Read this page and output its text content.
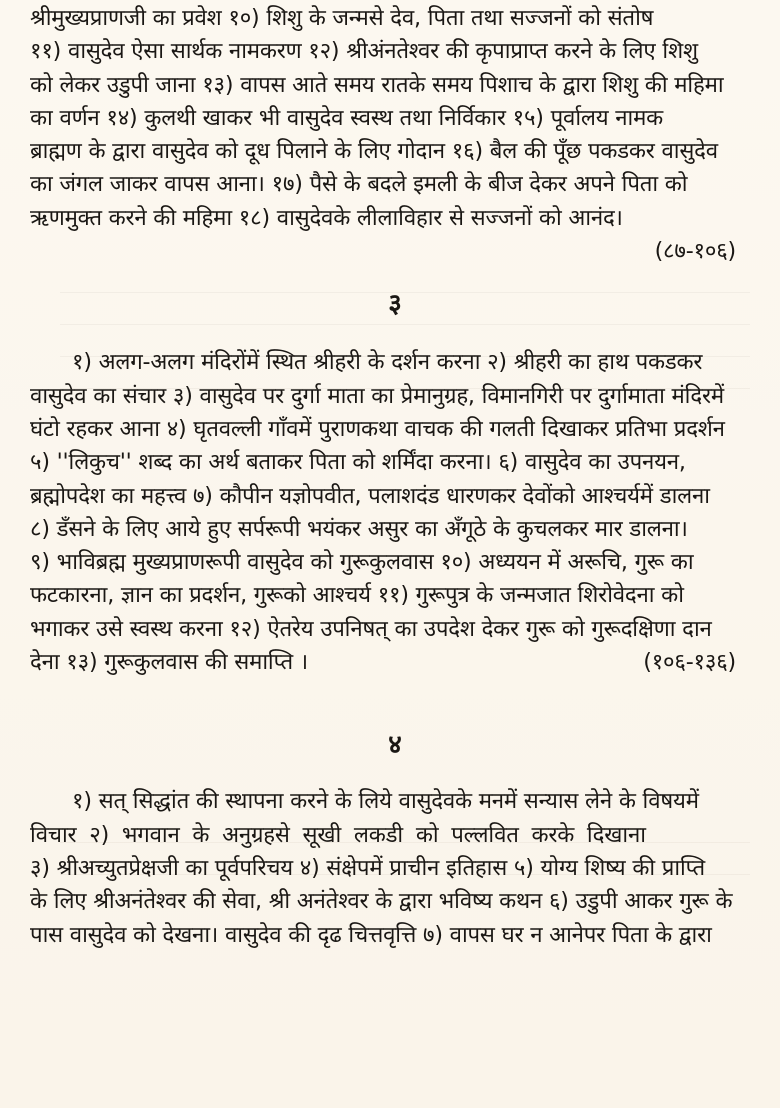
श्रीमुख्यप्राणजी का प्रवेश १०) शिशु के जन्मसे देव, पिता तथा सज्जनों को संतोष
११) वासुदेव ऐसा सार्थक नामकरण १२) श्रीअंनतेश्वर की कृपाप्राप्त करने के लिए शिशु
को लेकर उडुपी जाना १३) वापस आते समय रातके समय पिशाच के द्वारा शिशु की महिमा
का वर्णन १४) कुलथी खाकर भी वासुदेव स्वस्थ तथा निर्विकार १५) पूर्वालय नामक
ब्राह्मण के द्वारा वासुदेव को दूध पिलाने के लिए गोदान १६) बैल की पूँछ पकडकर वासुदेव
का जंगल जाकर वापस आना। १७) पैसे के बदले इमली के बीज देकर अपने पिता को
ऋणमुक्त करने की महिमा १८) वासुदेवके लीलाविहार से सज्जनों को आनंद।
(८७-१०६)
३
१) अलग-अलग मंदिरोंमें स्थित श्रीहरी के दर्शन करना २) श्रीहरी का हाथ पकडकर
वासुदेव का संचार ३) वासुदेव पर दुर्गा माता का प्रेमानुग्रह, विमानगिरी पर दुर्गामाता मंदिरमें
घंटो रहकर आना ४) घृतवल्ली गाँवमें पुराणकथा वाचक की गलती दिखाकर प्रतिभा प्रदर्शन
५) ''लिकुच'' शब्द का अर्थ बताकर पिता को शर्मिंदा करना। ६) वासुदेव का उपनयन,
ब्रह्मोपदेश का महत्त्व ७) कौपीन यज्ञोपवीत, पलाशदंड धारणकर देवोंको आश्चर्यमें डालना
८) डँसने के लिए आये हुए सर्परूपी भयंकर असुर का अँगूठे के कुचलकर मार डालना।
९) भाविब्रह्म मुख्यप्राणरूपी वासुदेव को गुरूकुलवास १०) अध्ययन में अरूचि, गुरू का
फटकारना, ज्ञान का प्रदर्शन, गुरूको आश्चर्य ११) गुरूपुत्र के जन्मजात शिरोवेदना को
भगाकर उसे स्वस्थ करना १२) ऐतरेय उपनिषत् का उपदेश देकर गुरू को गुरूदक्षिणा दान
देना १३) गुरूकुलवास की समाप्ति ।	(१०६-१३६)
४
१) सत् सिद्धांत की स्थापना करने के लिये वासुदेवके मनमें सन्यास लेने के विषयमें
विचार २) भगवान के अनुग्रहसे सूखी लकडी को पल्लवित करके दिखाना
३) श्रीअच्युतप्रेक्षजी का पूर्वपरिचय ४) संक्षेपमें प्राचीन इतिहास ५) योग्य शिष्य की प्राप्ति
के लिए श्रीअनंतेश्वर की सेवा, श्री अनंतेश्वर के द्वारा भविष्य कथन ६) उडुपी आकर गुरू के
पास वासुदेव को देखना। वासुदेव की दृढ चित्तवृत्ति ७) वापस घर न आनेपर पिता के द्वारा
